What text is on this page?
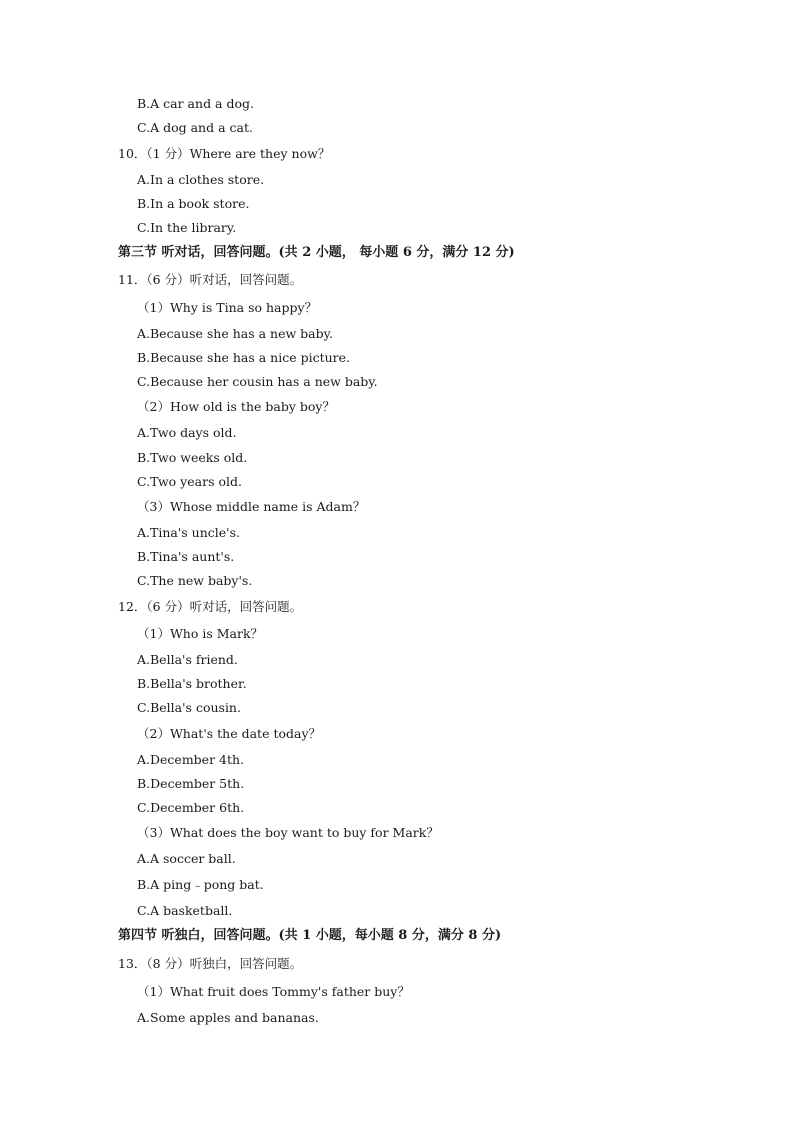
B.A car and a dog.
C.A dog and a cat.
10．（1 分）Where are they now？
A.In a clothes store.
B.In a book store.
C.In the library.
第三节 听对话，回答问题。(共 2 小题， 每小题 6 分，满分 12 分)
11．（6 分）听对话，回答问题。
（1）Why is Tina so happy？
A.Because she has a new baby.
B.Because she has a nice picture.
C.Because her cousin has a new baby.
（2）How old is the baby boy？
A.Two days old.
B.Two weeks old.
C.Two years old.
（3）Whose middle name is Adam？
A.Tina's uncle's.
B.Tina's aunt's.
C.The new baby's.
12．（6 分）听对话，回答问题。
（1）Who is Mark？
A.Bella's friend.
B.Bella's brother.
C.Bella's cousin.
（2）What's the date today？
A.December 4th.
B.December 5th.
C.December 6th.
（3）What does the boy want to buy for Mark？
A.A soccer ball.
B.A ping﹣pong bat.
C.A basketball.
第四节 听独白，回答问题。(共 1 小题，每小题 8 分，满分 8 分)
13．（8 分）听独白，回答问题。
（1）What fruit does Tommy's father buy？
A.Some apples and bananas.
